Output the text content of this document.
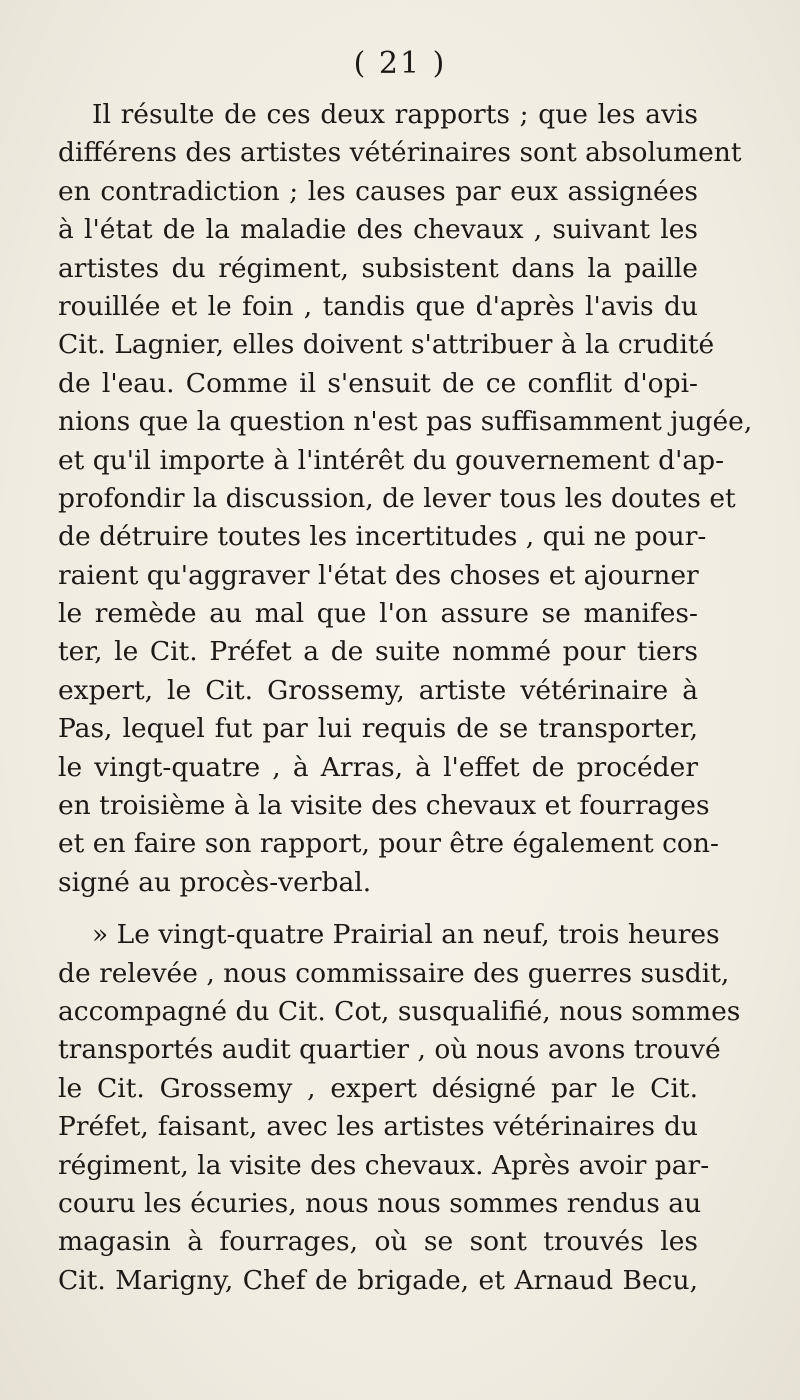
( 21 )
Il résulte de ces deux rapports ; que les avis
différens des artistes vétérinaires sont absolument
en contradiction ; les causes par eux assignées
à l'état de la maladie des chevaux , suivant les
artistes du régiment, subsistent dans la paille
rouillée et le foin , tandis que d'après l'avis du
Cit. Lagnier, elles doivent s'attribuer à la crudité
de l'eau. Comme il s'ensuit de ce conflit d'opi-
nions que la question n'est pas suffisamment jugée,
et qu'il importe à l'intérêt du gouvernement d'ap-
profondir la discussion, de lever tous les doutes et
de détruire toutes les incertitudes , qui ne pour-
raient qu'aggraver l'état des choses et ajourner
le remède au mal que l'on assure se manifes-
ter, le Cit. Préfet a de suite nommé pour tiers
expert, le Cit. Grossemy, artiste vétérinaire à
Pas, lequel fut par lui requis de se transporter,
le vingt-quatre , à Arras, à l'effet de procéder
en troisième à la visite des chevaux et fourrages
et en faire son rapport, pour être également con-
signé au procès-verbal.
» Le vingt-quatre Prairial an neuf, trois heures
de relevée , nous commissaire des guerres susdit,
accompagné du Cit. Cot, susqualifié, nous sommes
transportés audit quartier , où nous avons trouvé
le Cit. Grossemy , expert désigné par le Cit.
Préfet, faisant, avec les artistes vétérinaires du
régiment, la visite des chevaux. Après avoir par-
couru les écuries, nous nous sommes rendus au
magasin à fourrages, où se sont trouvés les
Cit. Marigny, Chef de brigade, et Arnaud Becu,
